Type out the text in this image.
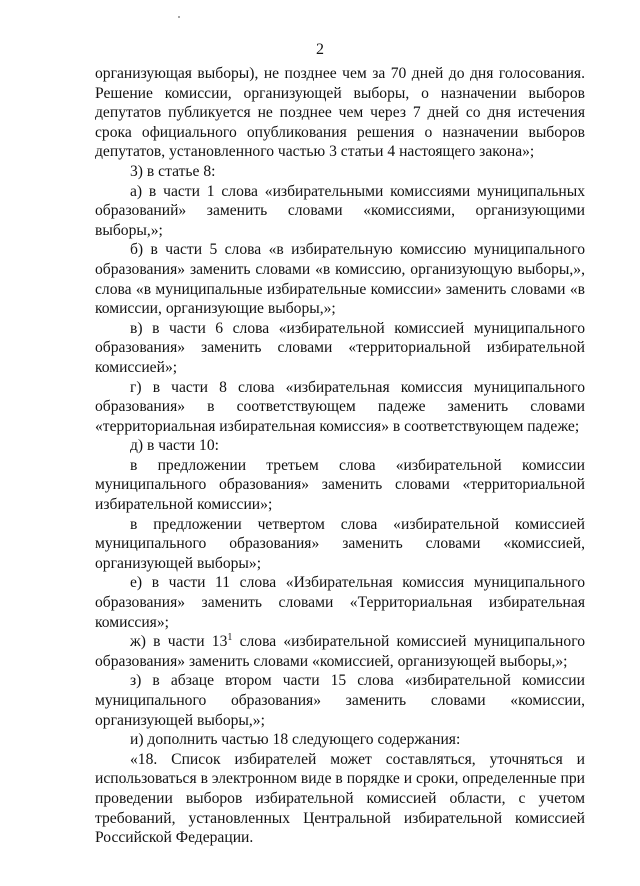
2

организующая выборы), не позднее чем за 70 дней до дня голосования. Решение комиссии, организующей выборы, о назначении выборов депутатов публикуется не позднее чем через 7 дней со дня истечения срока официального опубликования решения о назначении выборов депутатов, установленного частью 3 статьи 4 настоящего закона»;

3) в статье 8:

а) в части 1 слова «избирательными комиссиями муниципальных образований» заменить словами «комиссиями, организующими выборы,»;

б) в части 5 слова «в избирательную комиссию муниципального образования» заменить словами «в комиссию, организующую выборы,», слова «в муниципальные избирательные комиссии» заменить словами «в комиссии, организующие выборы,»;

в) в части 6 слова «избирательной комиссией муниципального образования» заменить словами «территориальной избирательной комиссией»;

г) в части 8 слова «избирательная комиссия муниципального образования» в соответствующем падеже заменить словами «территориальная избирательная комиссия» в соответствующем падеже;

д) в части 10:

в предложении третьем слова «избирательной комиссии муниципального образования» заменить словами «территориальной избирательной комиссии»;

в предложении четвертом слова «избирательной комиссией муниципального образования» заменить словами «комиссией, организующей выборы»;

е) в части 11 слова «Избирательная комиссия муниципального образования» заменить словами «Территориальная избирательная комиссия»;

ж) в части $13^1$ слова «избирательной комиссией муниципального образования» заменить словами «комиссией, организующей выборы,»;

з) в абзаце втором части 15 слова «избирательной комиссии муниципального образования» заменить словами «комиссии, организующей выборы,»;

и) дополнить частью 18 следующего содержания:

«18. Список избирателей может составляться, уточняться и использоваться в электронном виде в порядке и сроки, определенные при проведении выборов избирательной комиссией области, с учетом требований, установленных Центральной избирательной комиссией Российской Федерации.
